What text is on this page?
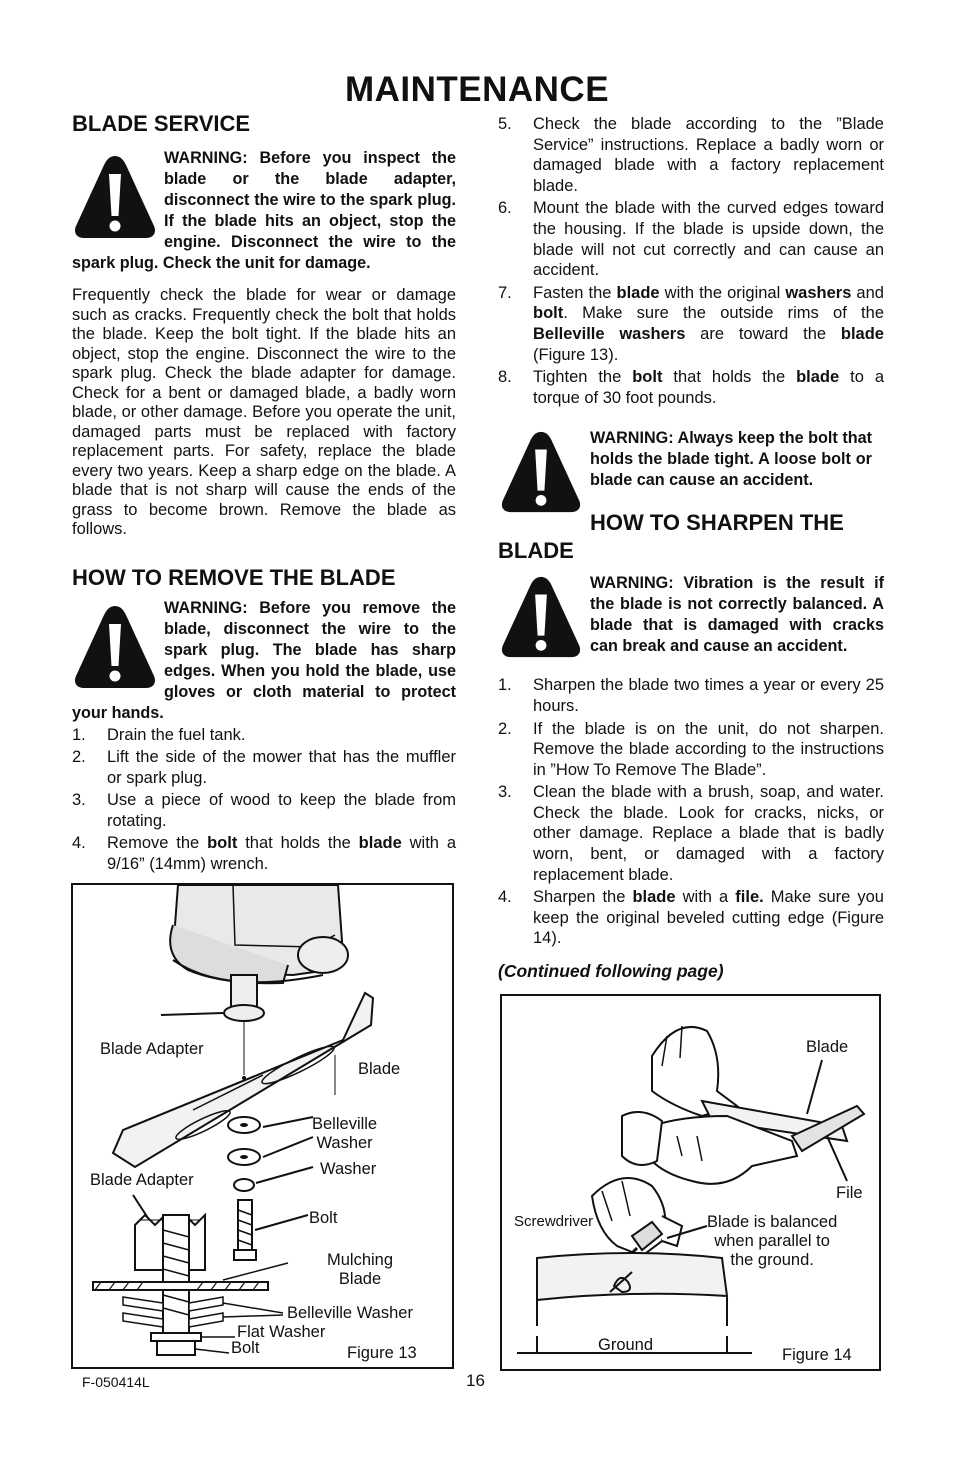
MAINTENANCE
BLADE SERVICE

WARNING: Before you inspect the blade or the blade adapter, disconnect the wire to the spark plug. If the blade hits an object, stop the engine. Disconnect the wire to the spark plug. Check the unit for damage.

Frequently check the blade for wear or damage such as cracks. Frequently check the bolt that holds the blade. Keep the bolt tight. If the blade hits an object, stop the engine. Disconnect the wire to the spark plug. Check the blade adapter for damage. Check for a bent or damaged blade, a badly worn blade, or other damage. Before you operate the unit, damaged parts must be replaced with factory replacement parts. For safety, replace the blade every two years. Keep a sharp edge on the blade. A blade that is not sharp will cause the ends of the grass to become brown. Remove the blade as follows.

HOW TO REMOVE THE BLADE

WARNING: Before you remove the blade, disconnect the wire to the spark plug. The blade has sharp edges. When you hold the blade, use gloves or cloth material to protect your hands.

1. Drain the fuel tank.
2. Lift the side of the mower that has the muffler or spark plug.
3. Use a piece of wood to keep the blade from rotating.
4. Remove the bolt that holds the blade with a 9/16” (14mm) wrench.
Blade Adapter
Blade
Belleville
Washer
Washer
Blade Adapter
Bolt
Mulching
Blade
Belleville Washer
Flat Washer
Bolt	Figure 13
5. Check the blade according to the ”Blade Service” instructions. Replace a badly worn or damaged blade with a factory replacement blade.
6. Mount the blade with the curved edges toward the housing. If the blade is upside down, the blade will not cut correctly and can cause an accident.
7. Fasten the blade with the original washers and bolt. Make sure the outside rims of the Belleville washers are toward the blade (Figure 13).
8. Tighten the bolt that holds the blade to a torque of 30 foot pounds.

WARNING: Always keep the bolt that holds the blade tight. A loose bolt or blade can cause an accident.

HOW TO SHARPEN THE BLADE

WARNING: Vibration is the result if the blade is not correctly balanced. A blade that is damaged with cracks can break and cause an accident.

1. Sharpen the blade two times a year or every 25 hours.
2. If the blade is on the unit, do not sharpen. Remove the blade according to the instructions in ”How To Remove The Blade”.
3. Clean the blade with a brush, soap, and water. Check the blade. Look for cracks, nicks, or other damage. Replace a blade that is badly worn, bent, or damaged with a factory replacement blade.
4. Sharpen the blade with a file. Make sure you keep the original beveled cutting edge (Figure 14).

(Continued following page)

Blade
File
Screwdriver	Blade is balanced
when parallel to
the ground.
Ground
Figure 14
F-050414L	16
